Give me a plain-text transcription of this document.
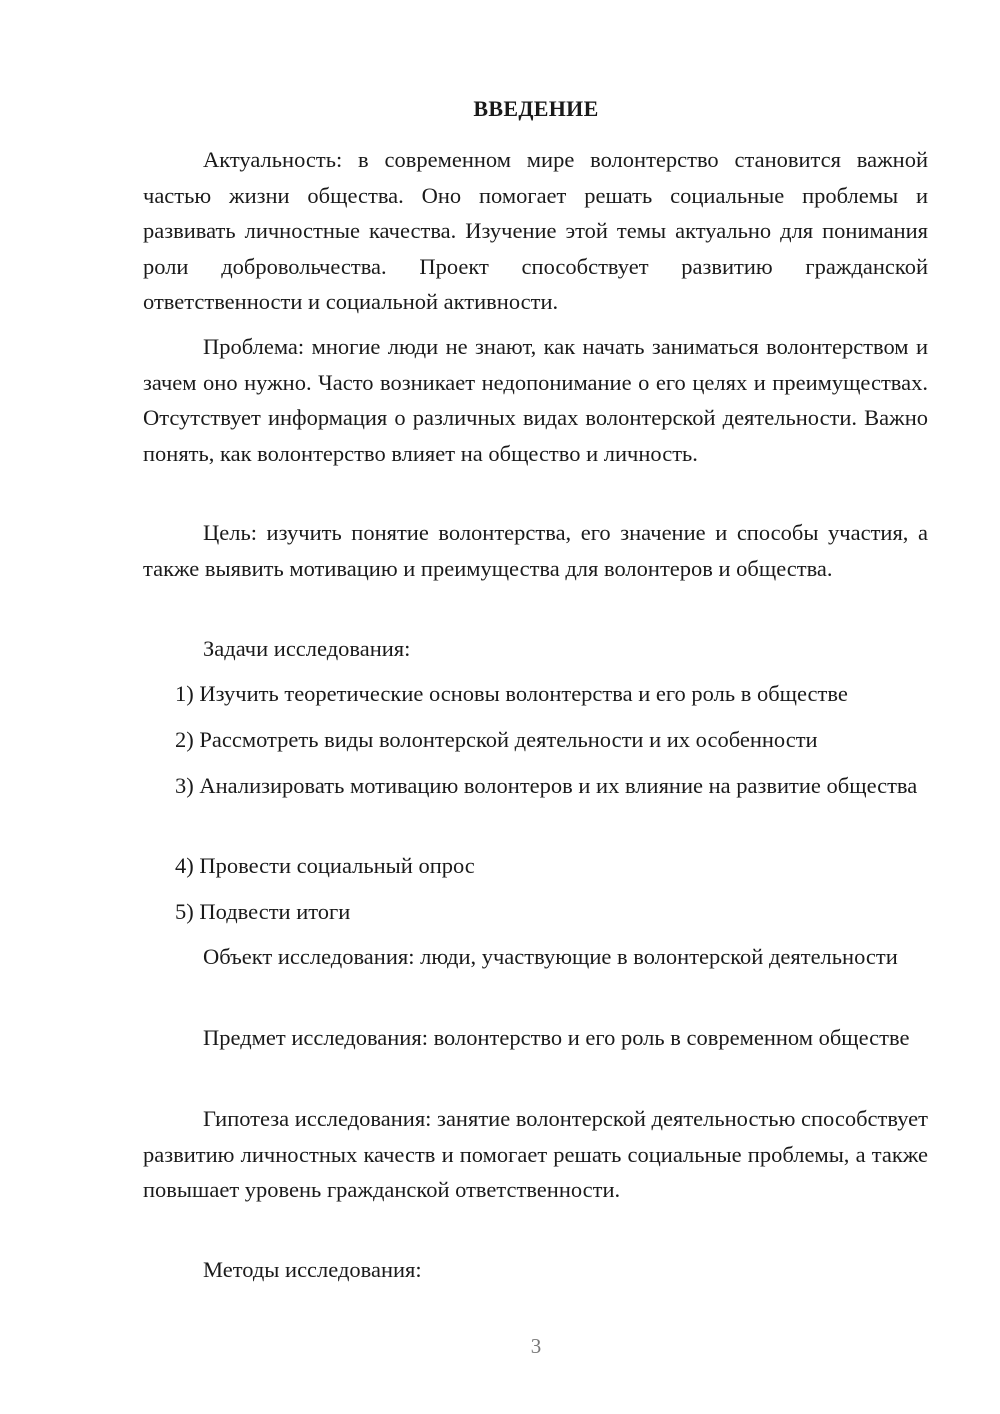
ВВЕДЕНИЕ

Актуальность: в современном мире волонтерство становится важной частью жизни общества. Оно помогает решать социальные проблемы и развивать личностные качества. Изучение этой темы актуально для понимания роли добровольчества. Проект способствует развитию гражданской ответственности и социальной активности.

Проблема: многие люди не знают, как начать заниматься волонтерством и зачем оно нужно. Часто возникает недопонимание о его целях и преимуществах. Отсутствует информация о различных видах волонтерской деятельности. Важно понять, как волонтерство влияет на общество и личность.

Цель: изучить понятие волонтерства, его значение и способы участия, а также выявить мотивацию и преимущества для волонтеров и общества.

Задачи исследования:

1) Изучить теоретические основы волонтерства и его роль в обществе

2) Рассмотреть виды волонтерской деятельности и их особенности

3) Анализировать мотивацию волонтеров и их влияние на развитие общества

4) Провести социальный опрос

5) Подвести итоги

Объект исследования: люди, участвующие в волонтерской деятельности

Предмет исследования: волонтерство и его роль в современном обществе

Гипотеза исследования: занятие волонтерской деятельностью способствует развитию личностных качеств и помогает решать социальные проблемы, а также повышает уровень гражданской ответственности.

Методы исследования:

3
